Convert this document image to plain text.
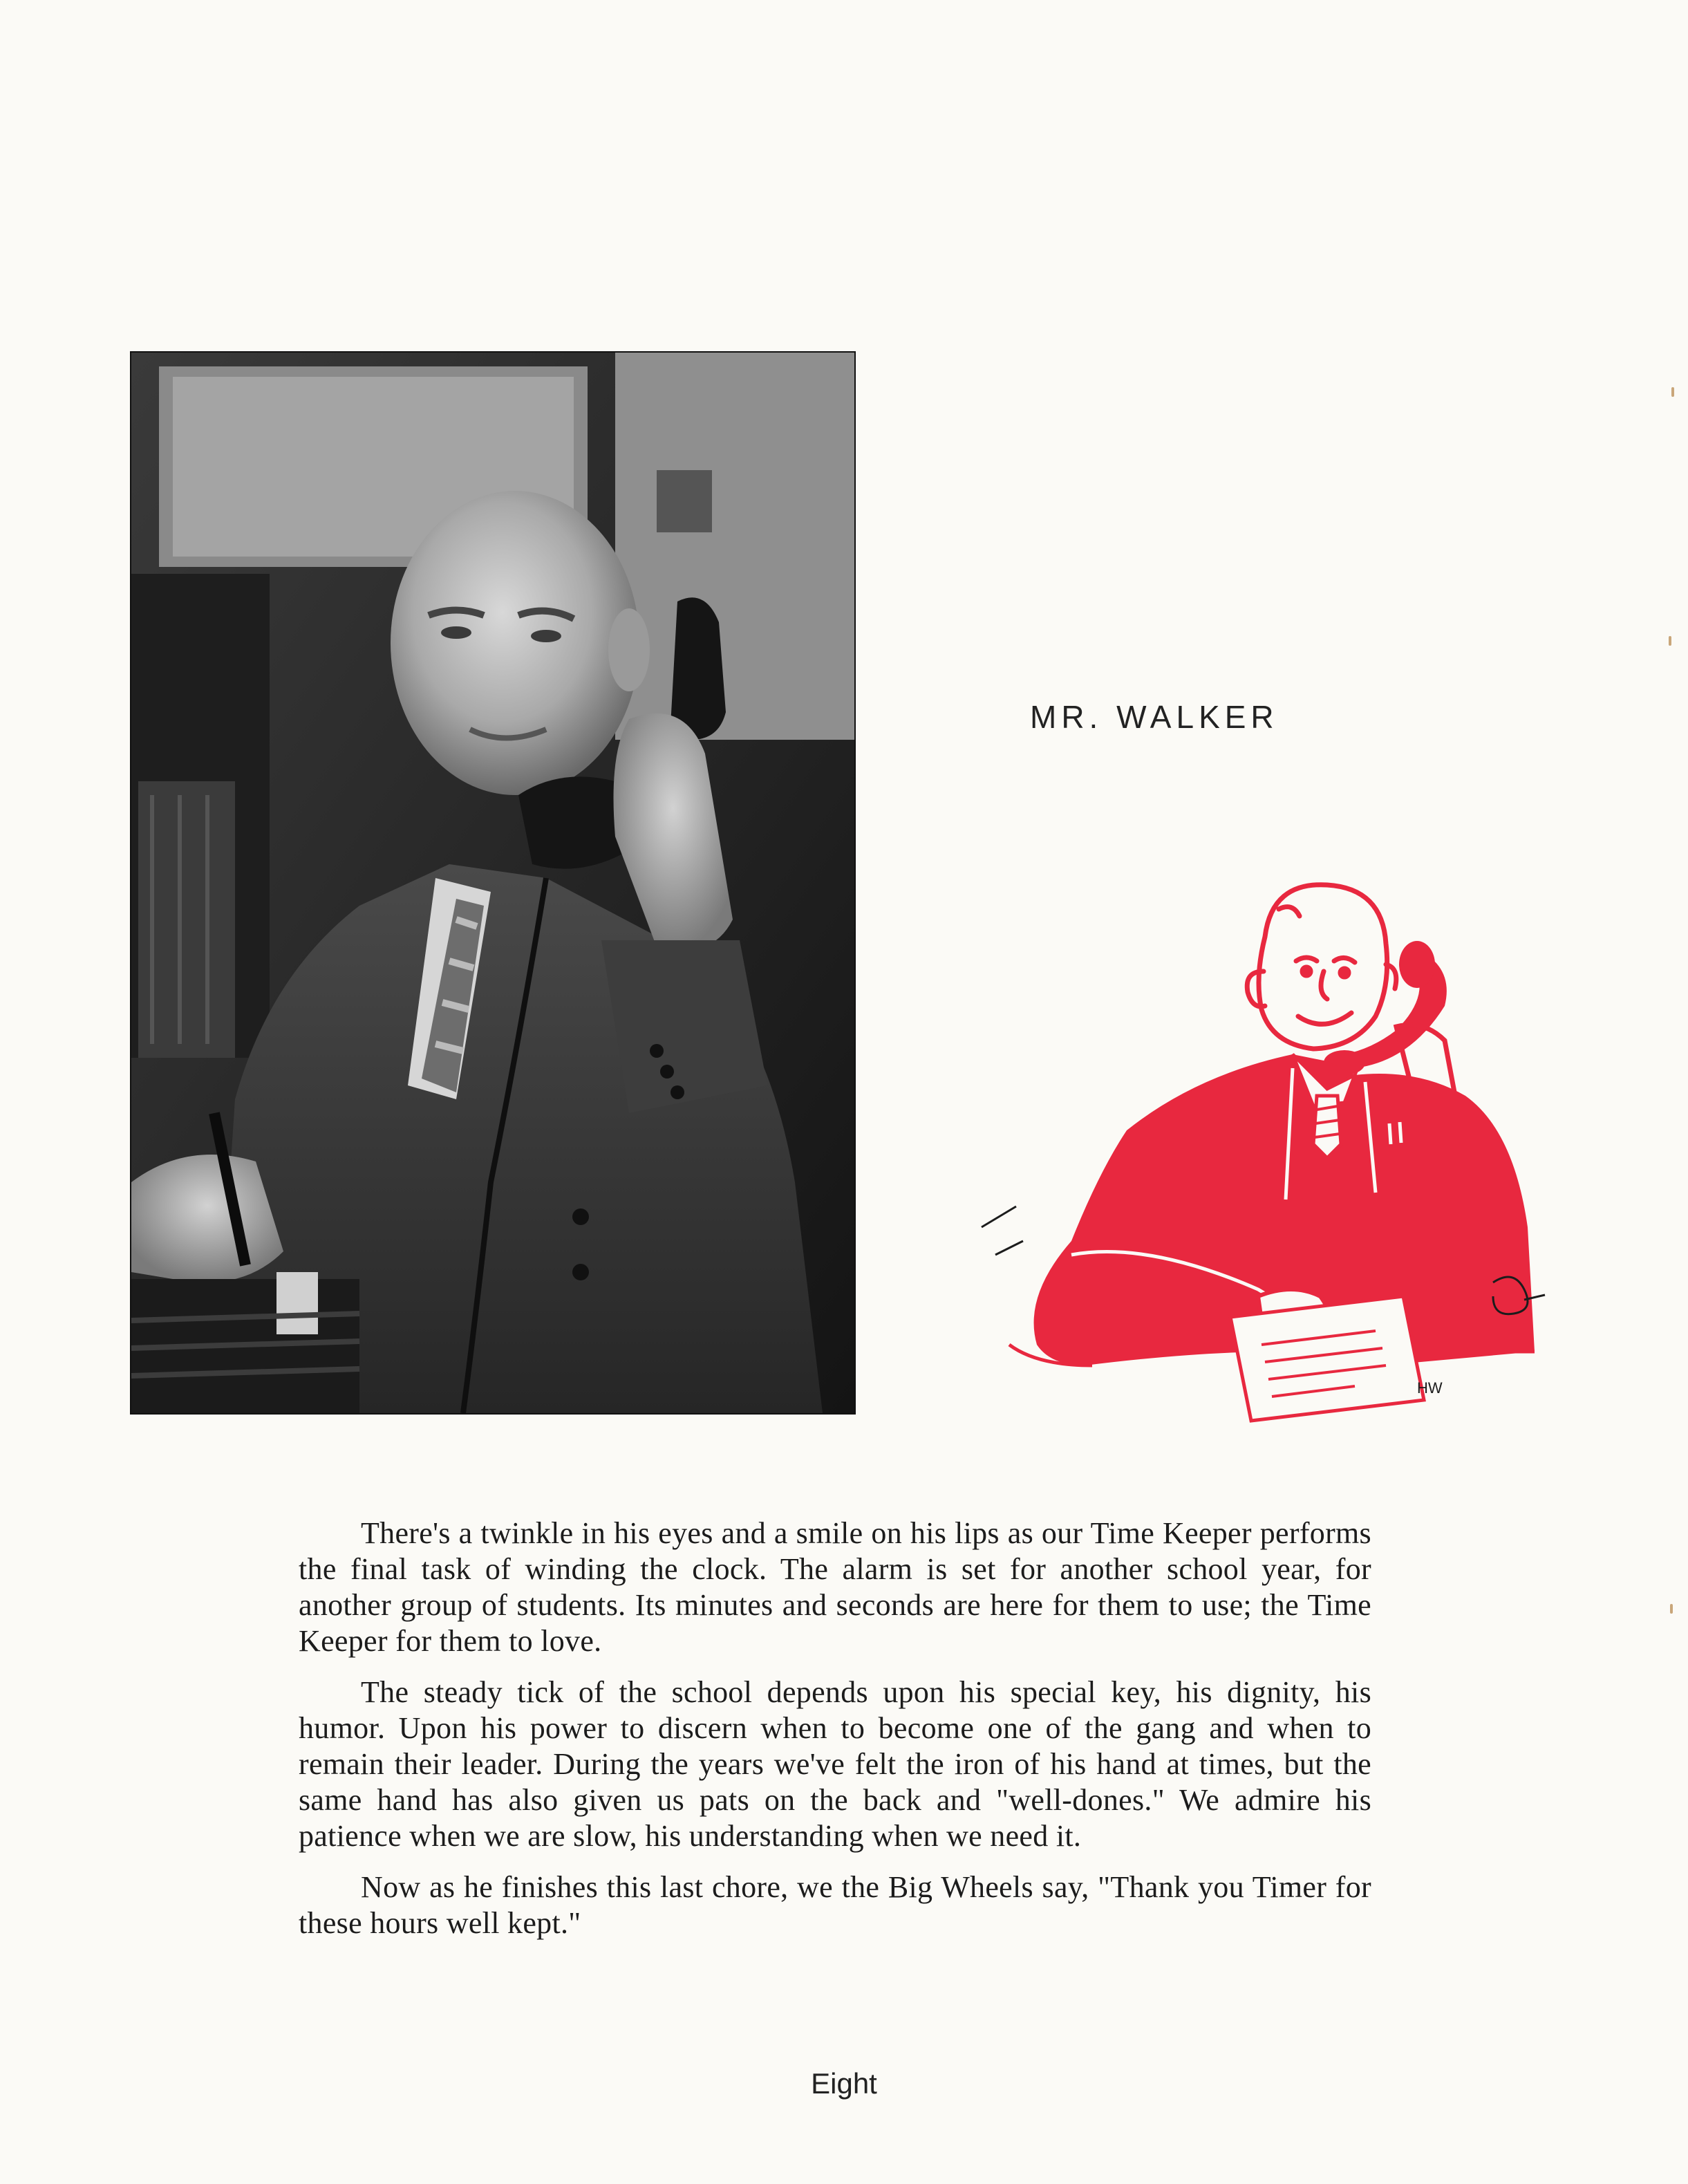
MR. WALKER
HW

There's a twinkle in his eyes and a smile on his lips as our Time Keeper performs the final task of winding the clock. The alarm is set for another school year, for another group of students. Its minutes and seconds are here for them to use; the Time Keeper for them to love.

The steady tick of the school depends upon his special key, his dignity, his humor. Upon his power to discern when to become one of the gang and when to remain their leader. During the years we've felt the iron of his hand at times, but the same hand has also given us pats on the back and "well-dones." We admire his patience when we are slow, his understanding when we need it.

Now as he finishes this last chore, we the Big Wheels say, "Thank you Timer for these hours well kept."

Eight
